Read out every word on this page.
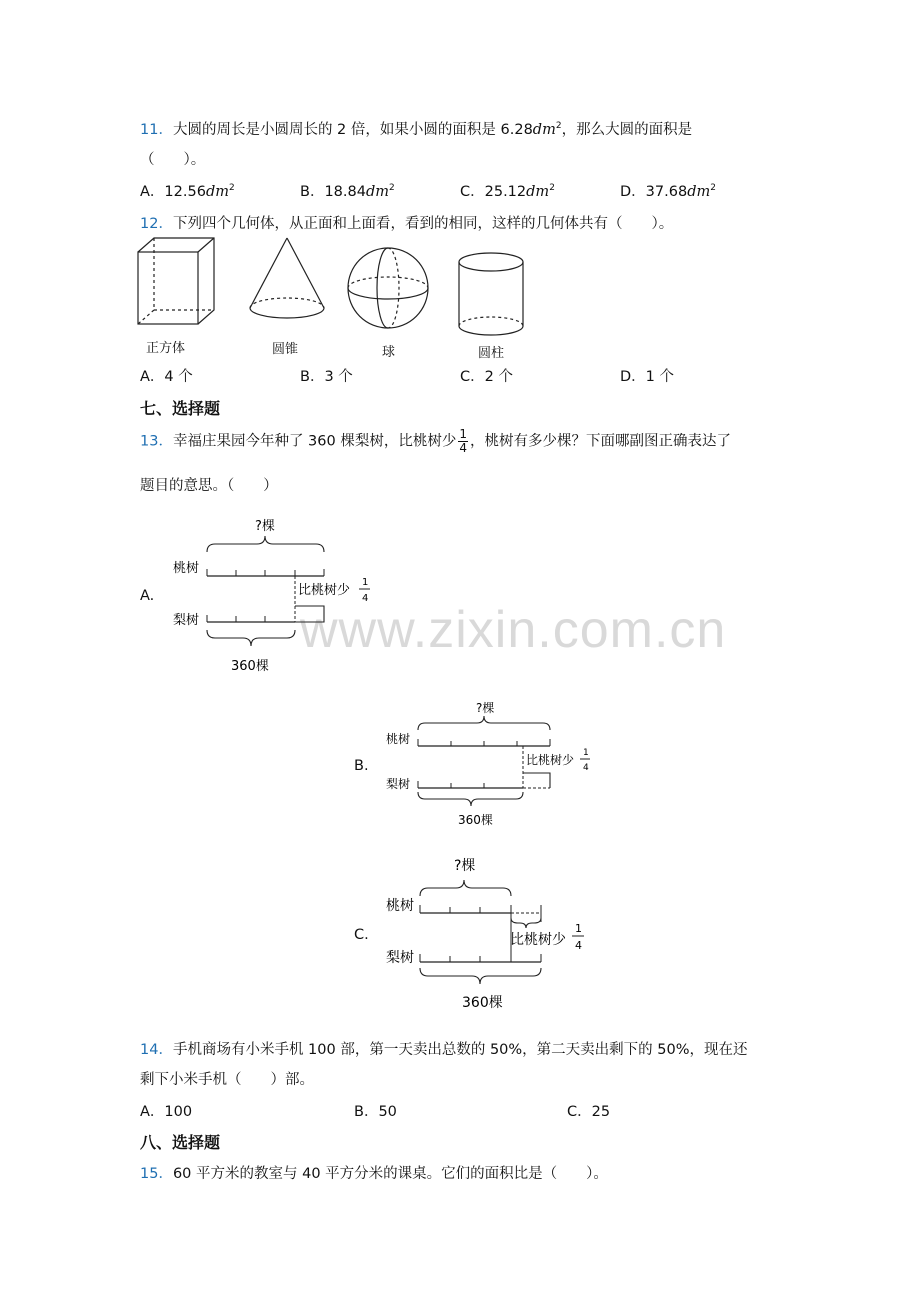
www.zixin.com.cn
11．大圆的周长是小圆周长的 2 倍，如果小圆的面积是 $6.28dm^2$，那么大圆的面积是
（　　）。
A．$12.56dm^2$	B．$18.84dm^2$	C．$25.12dm^2$	D．$37.68dm^2$
12．下列四个几何体，从正面和上面看，看到的相同，这样的几何体共有（　　）。
正方体	圆锥	球	圆柱
A．4 个	B．3 个	C．2 个	D．1 个
七、选择题
13．幸福庄果园今年种了 360 棵梨树，比桃树少 $\frac{1}{4}$ ，桃树有多少棵？下面哪副图正确表达了
题目的意思。（　　）
A.
?棵
桃树
比桃树少
1
4
梨树
360棵
B.
?棵
桃树
比桃树少 1
4
梨树
360棵
C.
?棵
桃树
比桃树少
1
4
梨树
360棵
14．手机商场有小米手机 100 部，第一天卖出总数的 50%，第二天卖出剩下的 50%，现在还
剩下小米手机（　　）部。
A．100	B．50	C．25
八、选择题
15．60 平方米的教室与 40 平方分米的课桌。它们的面积比是（　　）。
